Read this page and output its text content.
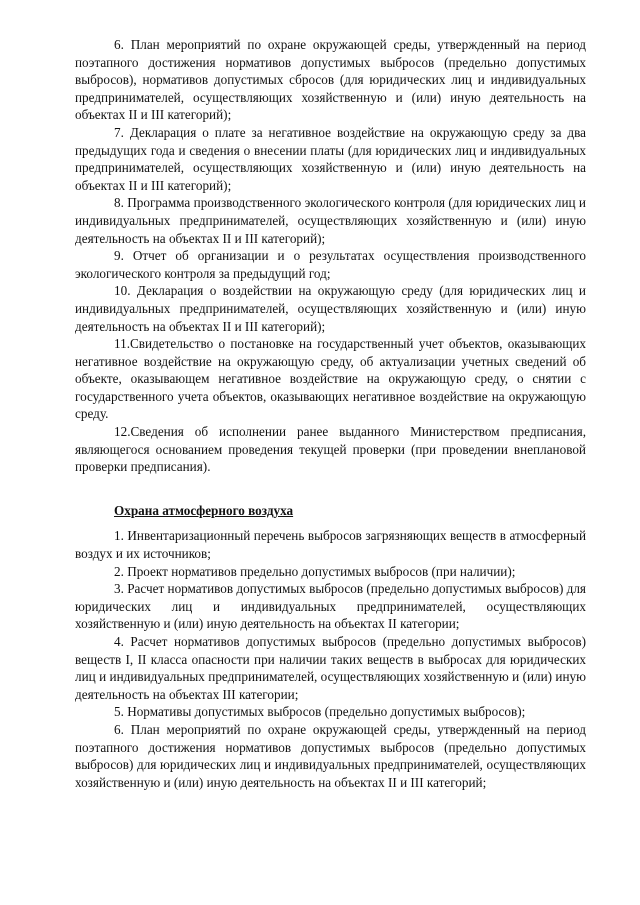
6. План мероприятий по охране окружающей среды, утвержденный на период поэтапного достижения нормативов допустимых выбросов (предельно допустимых выбросов), нормативов допустимых сбросов (для юридических лиц и индивидуальных предпринимателей, осуществляющих хозяйственную и (или) иную деятельность на объектах II и III категорий);

7. Декларация о плате за негативное воздействие на окружающую среду за два предыдущих года и сведения о внесении платы (для юридических лиц и индивидуальных предпринимателей, осуществляющих хозяйственную и (или) иную деятельность на объектах II и III категорий);

8. Программа производственного экологического контроля (для юридических лиц и индивидуальных предпринимателей, осуществляющих хозяйственную и (или) иную деятельность на объектах II и III категорий);

9. Отчет об организации и о результатах осуществления производственного экологического контроля за предыдущий год;

10. Декларация о воздействии на окружающую среду (для юридических лиц и индивидуальных предпринимателей, осуществляющих хозяйственную и (или) иную деятельность на объектах II и III категорий);

11.Свидетельство о постановке на государственный учет объектов, оказывающих негативное воздействие на окружающую среду, об актуализации учетных сведений об объекте, оказывающем негативное воздействие на окружающую среду, о снятии с государственного учета объектов, оказывающих негативное воздействие на окружающую среду.

12.Сведения об исполнении ранее выданного Министерством предписания, являющегося основанием проведения текущей проверки (при проведении внеплановой проверки предписания).

Охрана атмосферного воздуха

1. Инвентаризационный перечень выбросов загрязняющих веществ в атмосферный воздух и их источников;

2. Проект нормативов предельно допустимых выбросов (при наличии);

3. Расчет нормативов допустимых выбросов (предельно допустимых выбросов) для юридических лиц и индивидуальных предпринимателей, осуществляющих хозяйственную и (или) иную деятельность на объектах II категории;

4. Расчет нормативов допустимых выбросов (предельно допустимых выбросов) веществ I, II класса опасности при наличии таких веществ в выбросах для юридических лиц и индивидуальных предпринимателей, осуществляющих хозяйственную и (или) иную деятельность на объектах III категории;

5. Нормативы допустимых выбросов (предельно допустимых выбросов);

6. План мероприятий по охране окружающей среды, утвержденный на период поэтапного достижения нормативов допустимых выбросов (предельно допустимых выбросов) для юридических лиц и индивидуальных предпринимателей, осуществляющих хозяйственную и (или) иную деятельность на объектах II и III категорий;
